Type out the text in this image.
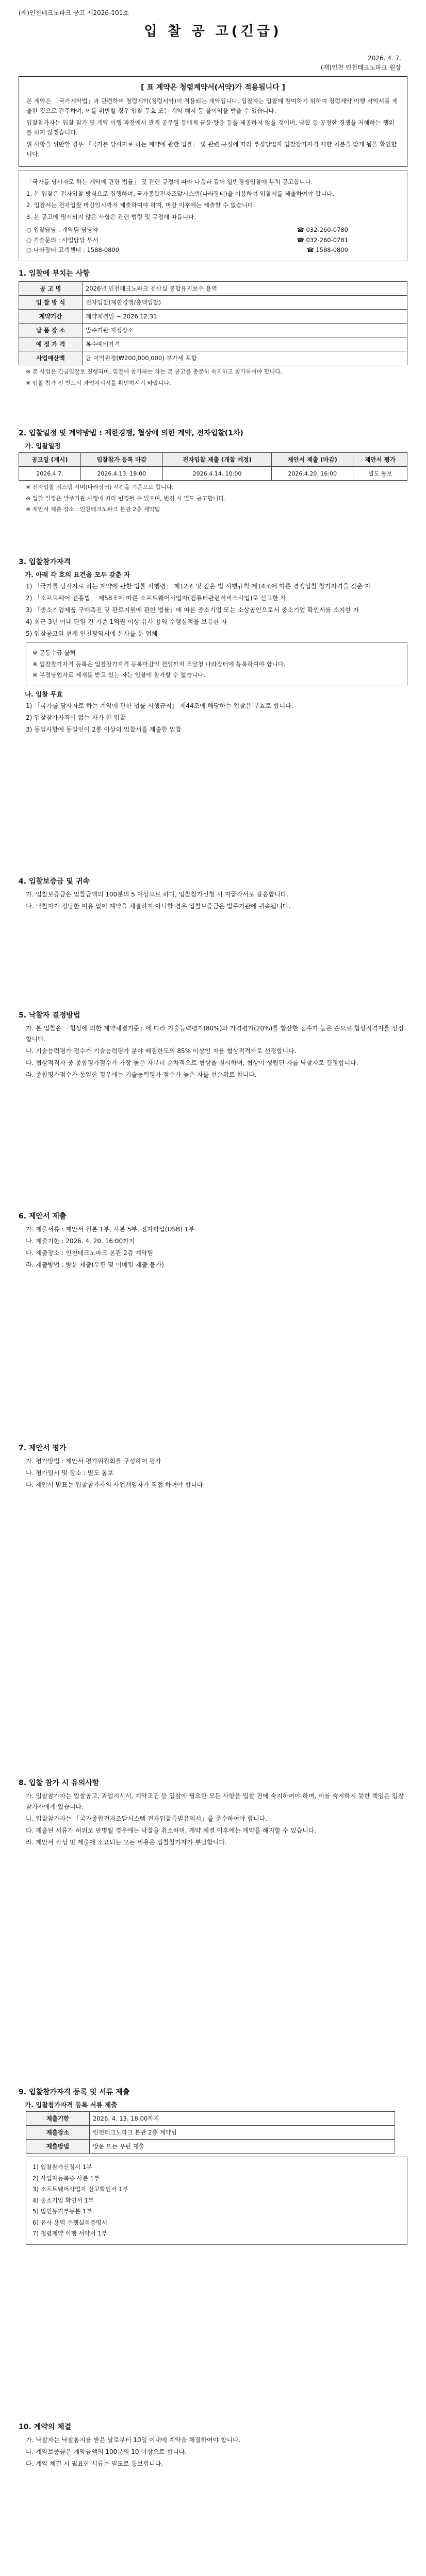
(재)인천테크노파크 공고 제2026-101호
입 찰 공 고(긴급)
2026. 4. 7.
(재)인천 인천테크노파크 원장
[ 표 계약은 청렴계약서(서약)가 적용됩니다 ]

본 계약은 「국가계약법」과 관련하여 청렴계약(청렴서약)이 적용되는 계약입니다. 입찰자는 입찰에 참여하기 위하여 청렴계약 이행 서약서를 제출한 것으로 간주하며, 이를 위반할 경우 입찰 무효 또는 계약 해지 등 불이익을 받을 수 있습니다.

입찰참가자는 입찰 참가 및 계약 이행 과정에서 관계 공무원 등에게 금품·향응 등을 제공하지 않을 것이며, 담합 등 공정한 경쟁을 저해하는 행위를 하지 않겠습니다.

위 사항을 위반할 경우 「국가를 당사자로 하는 계약에 관한 법률」 및 관련 규정에 따라 부정당업자 입찰참가자격 제한 처분을 받게 됨을 확인합니다.

「국가를 당사자로 하는 계약에 관한 법률」 및 관련 규정에 따라 다음과 같이 일반경쟁입찰에 부쳐 공고합니다.

1. 본 입찰은 전자입찰 방식으로 집행하며, 국가종합전자조달시스템(나라장터)을 이용하여 입찰서를 제출하여야 합니다.

2. 입찰서는 전자입찰 마감일시까지 제출하여야 하며, 마감 이후에는 제출할 수 없습니다.

3. 본 공고에 명시되지 않은 사항은 관련 법령 및 규정에 따릅니다.

○ 입찰담당 : 계약팀 담당자	☎ 032-260-0780
○ 기술문의 : 사업담당 부서	☎ 032-260-0781
○ 나라장터 고객센터 : 1588-0800	☎ 1588-0800
1. 입찰에 부치는 사항
공 고 명	2026년 인천테크노파크 전산실 통합유지보수 용역
입 찰 방 식	전자입찰(제한경쟁/총액입찰)
계약기간	계약체결일 ~ 2026.12.31.
납 품 장 소	발주기관 지정장소
예 정 가 격	복수예비가격
사업예산액	금 이억원정(₩200,000,000) 부가세 포함
※ 본 사업은 긴급입찰로 진행되며, 입찰에 참가하는 자는 본 공고를 충분히 숙지하고 참가하여야 합니다.
※ 입찰 참가 전 반드시 과업지시서를 확인하시기 바랍니다.
2. 입찰일정 및 계약방법 : 제한경쟁, 협상에 의한 계약, 전자입찰(1차)
가. 입찰일정
공고일 (게시)	입찰참가 등록 마감	전자입찰 제출 (개찰 예정)	제안서 제출 (마감)	제안서 평가
2026.4.7.	2026.4.13. 18:00	2026.4.14. 10:00	2026.4.20. 16:00	별도 통보
※ 전자입찰 시스템 서버(나라장터) 시간을 기준으로 합니다.
※ 입찰 일정은 발주기관 사정에 따라 변경될 수 있으며, 변경 시 별도 공고합니다.
※ 제안서 제출 장소 : 인천테크노파크 본관 2층 계약팀
3. 입찰참가자격
가. 아래 각 호의 요건을 모두 갖춘 자

1) 「국가를 당사자로 하는 계약에 관한 법률 시행령」 제12조 및 같은 법 시행규칙 제14조에 따른 경쟁입찰 참가자격을 갖춘 자

2) 「소프트웨어 진흥법」 제58조에 따른 소프트웨어사업자(컴퓨터관련서비스사업)로 신고한 자

3) 「중소기업제품 구매촉진 및 판로지원에 관한 법률」에 따른 중소기업 또는 소상공인으로서 중소기업 확인서를 소지한 자

4) 최근 3년 이내 단일 건 기준 1억원 이상 유사 용역 수행실적을 보유한 자

5) 입찰공고일 현재 인천광역시에 본사를 둔 업체

※ 공동수급 불허

※ 입찰참가자격 등록은 입찰참가자격 등록마감일 전일까지 조달청 나라장터에 등록하여야 합니다.

※ 부정당업자로 제재를 받고 있는 자는 입찰에 참가할 수 없습니다.

나. 입찰 무효

1) 「국가를 당사자로 하는 계약에 관한 법률 시행규칙」 제44조에 해당하는 입찰은 무효로 합니다.

2) 입찰참가자격이 없는 자가 한 입찰

3) 동일사항에 동일인이 2통 이상의 입찰서를 제출한 입찰

4. 입찰보증금 및 귀속

가. 입찰보증금은 입찰금액의 100분의 5 이상으로 하며, 입찰참가신청 시 지급각서로 갈음합니다.

나. 낙찰자가 정당한 이유 없이 계약을 체결하지 아니할 경우 입찰보증금은 발주기관에 귀속됩니다.

5. 낙찰자 결정방법

가. 본 입찰은 「협상에 의한 계약체결기준」에 따라 기술능력평가(80%)와 가격평가(20%)를 합산한 점수가 높은 순으로 협상적격자를 선정합니다.

나. 기술능력평가 점수가 기술능력평가 분야 배점한도의 85% 이상인 자를 협상적격자로 선정합니다.

다. 협상적격자 중 종합평가점수가 가장 높은 자부터 순차적으로 협상을 실시하며, 협상이 성립된 자를 낙찰자로 결정합니다.

라. 종합평가점수가 동일한 경우에는 기술능력평가 점수가 높은 자를 선순위로 합니다.

6. 제안서 제출

가. 제출서류 : 제안서 원본 1부, 사본 5부, 전자파일(USB) 1부

나. 제출기한 : 2026. 4. 20. 16:00까지

다. 제출장소 : 인천테크노파크 본관 2층 계약팀

라. 제출방법 : 방문 제출(우편 및 이메일 제출 불가)

7. 제안서 평가

가. 평가방법 : 제안서 평가위원회를 구성하여 평가

나. 평가일시 및 장소 : 별도 통보

다. 제안서 발표는 입찰참가자의 사업책임자가 직접 하여야 합니다.

8. 입찰 참가 시 유의사항

가. 입찰참가자는 입찰공고, 과업지시서, 계약조건 등 입찰에 필요한 모든 사항을 입찰 전에 숙지하여야 하며, 이를 숙지하지 못한 책임은 입찰참가자에게 있습니다.

나. 입찰참가자는 「국가종합전자조달시스템 전자입찰특별유의서」를 준수하여야 합니다.

다. 제출된 서류가 허위로 판명될 경우에는 낙찰을 취소하며, 계약 체결 이후에는 계약을 해지할 수 있습니다.

라. 제안서 작성 및 제출에 소요되는 모든 비용은 입찰참가자가 부담합니다.

9. 입찰참가자격 등록 및 서류 제출
가. 입찰참가자격 등록 서류 제출
제출기한	2026. 4. 13. 18:00까지
제출장소	인천테크노파크 본관 2층 계약팀
제출방법	방문 또는 우편 제출

1) 입찰참가신청서 1부

2) 사업자등록증 사본 1부

3) 소프트웨어사업자 신고확인서 1부

4) 중소기업 확인서 1부

5) 법인등기부등본 1부

6) 유사 용역 수행실적증명서

7) 청렴계약 이행 서약서 1부

10. 계약의 체결

가. 낙찰자는 낙찰통지를 받은 날로부터 10일 이내에 계약을 체결하여야 합니다.

나. 계약보증금은 계약금액의 100분의 10 이상으로 합니다.

다. 계약 체결 시 필요한 서류는 별도로 통보합니다.
